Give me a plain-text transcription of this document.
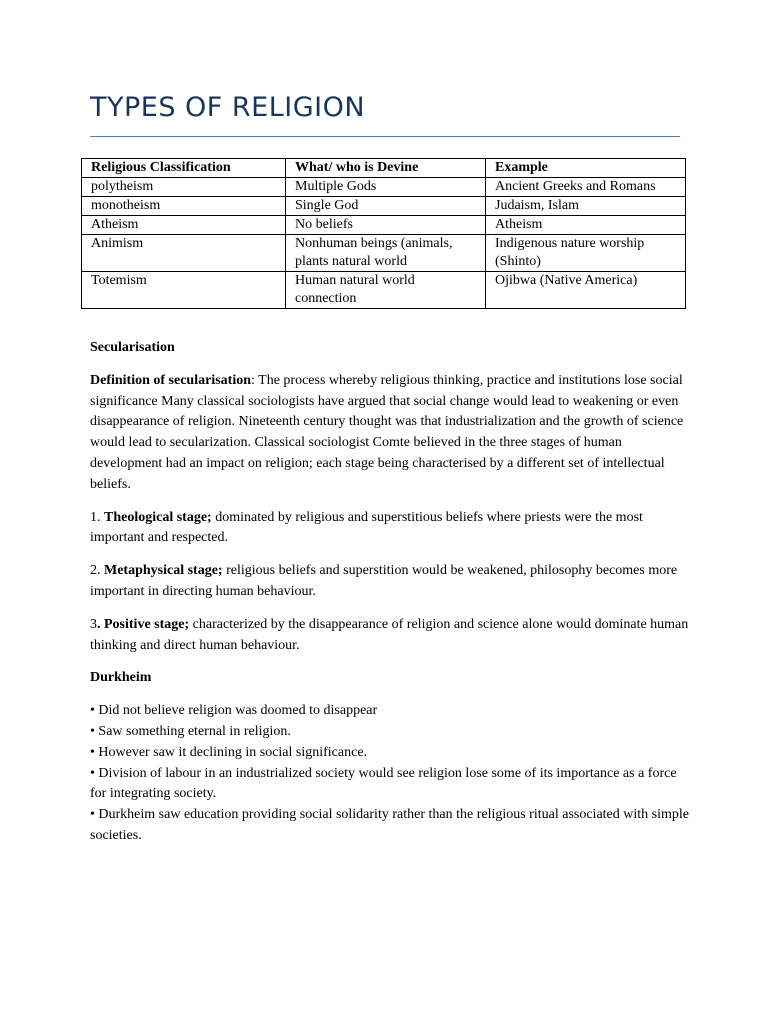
TYPES OF RELIGION
Religious Classification	What/ who is Devine	Example
polytheism	Multiple Gods	Ancient Greeks and Romans
monotheism	Single God	Judaism, Islam
Atheism	No beliefs	Atheism
Animism	Nonhuman beings (animals, plants natural world	Indigenous nature worship (Shinto)
Totemism	Human natural world connection	Ojibwa (Native America)

Secularisation

Definition of secularisation: The process whereby religious thinking, practice and institutions lose social significance Many classical sociologists have argued that social change would lead to weakening or even disappearance of religion. Nineteenth century thought was that industrialization and the growth of science would lead to secularization. Classical sociologist Comte believed in the three stages of human development had an impact on religion; each stage being characterised by a different set of intellectual beliefs.

1. Theological stage; dominated by religious and superstitious beliefs where priests were the most important and respected.

2. Metaphysical stage; religious beliefs and superstition would be weakened, philosophy becomes more important in directing human behaviour.

3. Positive stage; characterized by the disappearance of religion and science alone would dominate human thinking and direct human behaviour.

Durkheim

• Did not believe religion was doomed to disappear
• Saw something eternal in religion.
• However saw it declining in social significance.
• Division of labour in an industrialized society would see religion lose some of its importance as a force for integrating society.
• Durkheim saw education providing social solidarity rather than the religious ritual associated with simple societies.
